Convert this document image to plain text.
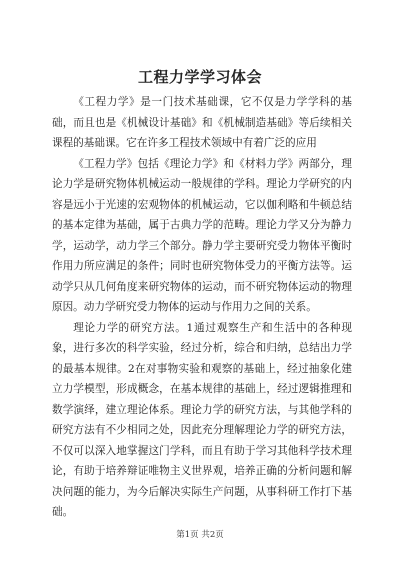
工程力学学习体会

《工程力学》是一门技术基础课，它不仅是力学学科的基础，而且也是《机械设计基础》和《机械制造基础》等后续相关课程的基础课。它在许多工程技术领域中有着广泛的应用

《工程力学》包括《理论力学》和《材料力学》两部分，理论力学是研究物体机械运动一般规律的学科。理论力学研究的内容是远小于光速的宏观物体的机械运动，它以伽利略和牛顿总结的基本定律为基础，属于古典力学的范畴。理论力学又分为静力学，运动学，动力学三个部分。静力学主要研究受力物体平衡时作用力所应满足的条件；同时也研究物体受力的平衡方法等。运动学只从几何角度来研究物体的运动，而不研究物体运动的物理原因。动力学研究受力物体的运动与作用力之间的关系。

理论力学的研究方法。1通过观察生产和生活中的各种现象，进行多次的科学实验，经过分析，综合和归纳，总结出力学的最基本规律。2在对事物实验和观察的基础上，经过抽象化建立力学模型，形成概念，在基本规律的基础上，经过逻辑推理和数学演绎，建立理论体系。理论力学的研究方法，与其他学科的研究方法有不少相同之处，因此充分理解理论力学的研究方法，不仅可以深入地掌握这门学科，而且有助于学习其他科学技术理论，有助于培养辩证唯物主义世界观，培养正确的分析问题和解决问题的能力，为今后解决实际生产问题，从事科研工作打下基础。

第1页 共2页
